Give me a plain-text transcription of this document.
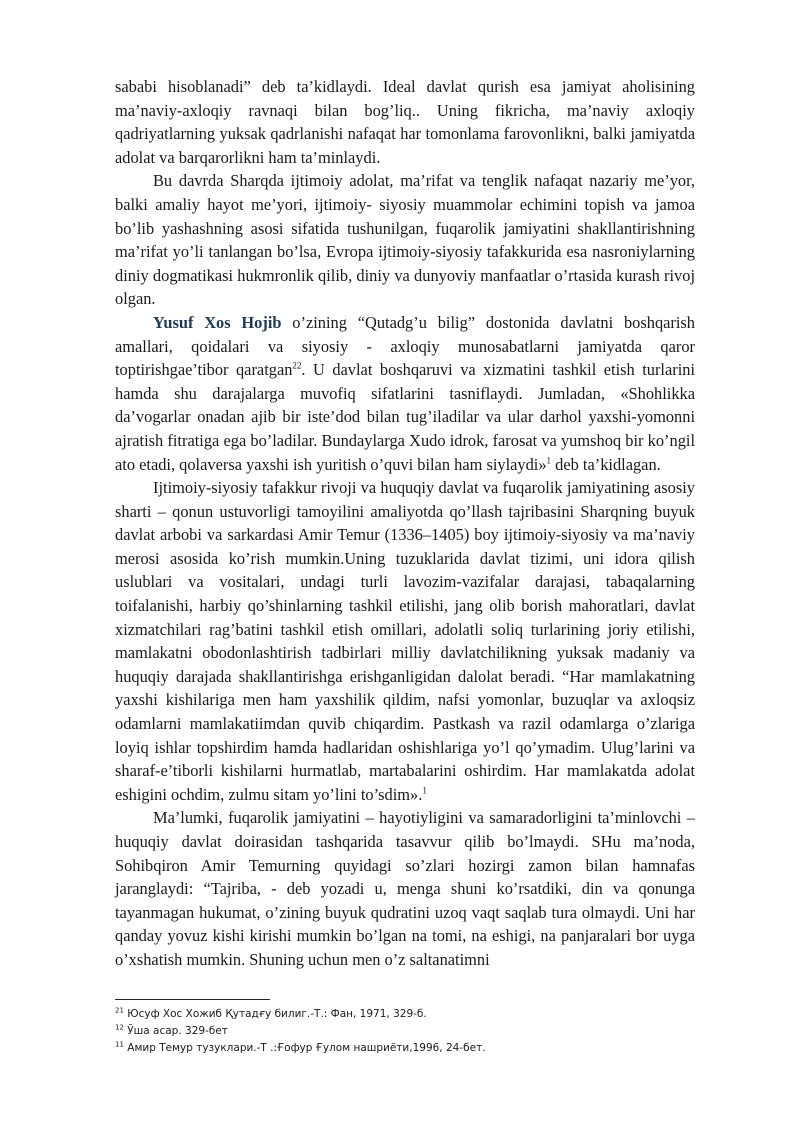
sababi hisoblanadi” deb ta’kidlaydi. Ideal davlat qurish esa jamiyat aholisining ma’naviy-axloqiy ravnaqi bilan bog’liq.. Uning fikricha, ma’naviy axloqiy qadriyatlarning yuksak qadrlanishi nafaqat har tomonlama farovonlikni, balki jamiyatda adolat va barqarorlikni ham ta’minlaydi.

Bu davrda Sharqda ijtimoiy adolat, ma’rifat va tenglik nafaqat nazariy me’yor, balki amaliy hayot me’yori, ijtimoiy- siyosiy muammolar echimini topish va jamoa bo’lib yashashning asosi sifatida tushunilgan, fuqarolik jamiyatini shakllantirishning ma’rifat yo’li tanlangan bo’lsa, Evropa ijtimoiy-siyosiy tafakkurida esa nasroniylarning diniy dogmatikasi hukmronlik qilib, diniy va dunyoviy manfaatlar o’rtasida kurash rivoj olgan.

Yusuf Xos Hojib o’zining “Qutadg’u bilig” dostonida davlatni boshqarish amallari, qoidalari va siyosiy - axloqiy munosabatlarni jamiyatda qaror toptirishgae’tibor qaratgan$^{22}$. U davlat boshqaruvi va xizmatini tashkil etish turlarini hamda shu darajalarga muvofiq sifatlarini tasniflaydi. Jumladan, «Shohlikka da’vogarlar onadan ajib bir iste’dod bilan tug’iladilar va ular darhol yaxshi-yomonni ajratish fitratiga ega bo’ladilar. Bundaylarga Xudo idrok, farosat va yumshoq bir ko’ngil ato etadi, qolaversa yaxshi ish yuritish o’quvi bilan ham siylaydi»$^1$ deb ta’kidlagan.

Ijtimoiy-siyosiy tafakkur rivoji va huquqiy davlat va fuqarolik jamiyatining asosiy sharti – qonun ustuvorligi tamoyilini amaliyotda qo’llash tajribasini Sharqning buyuk davlat arbobi va sarkardasi Amir Temur (1336–1405) boy ijtimoiy-siyosiy va ma’naviy merosi asosida ko’rish mumkin.Uning tuzuklarida davlat tizimi, uni idora qilish uslublari va vositalari, undagi turli lavozim-vazifalar darajasi, tabaqalarning toifalanishi, harbiy qo’shinlarning tashkil etilishi, jang olib borish mahoratlari, davlat xizmatchilari rag’batini tashkil etish omillari, adolatli soliq turlarining joriy etilishi, mamlakatni obodonlashtirish tadbirlari milliy davlatchilikning yuksak madaniy va huquqiy darajada shakllantirishga erishganligidan dalolat beradi. “Har mamlakatning yaxshi kishilariga men ham yaxshilik qildim, nafsi yomonlar, buzuqlar va axloqsiz odamlarni mamlakatiimdan quvib chiqardim. Pastkash va razil odamlarga o’zlariga loyiq ishlar topshirdim hamda hadlaridan oshishlariga yo’l qo’ymadim. Ulug’larini va sharaf-e’tiborli kishilarni hurmatlab, martabalarini oshirdim. Har mamlakatda adolat eshigini ochdim, zulmu sitam yo’lini to’sdim».$^1$

Ma’lumki, fuqarolik jamiyatini – hayotiyligini va samaradorligini ta’minlovchi – huquqiy davlat doirasidan tashqarida tasavvur qilib bo’lmaydi. SHu ma’noda, Sohibqiron Amir Temurning quyidagi so’zlari hozirgi zamon bilan hamnafas jaranglaydi: “Tajriba, - deb yozadi u, menga shuni ko’rsatdiki, din va qonunga tayanmagan hukumat, o’zining buyuk qudratini uzoq vaqt saqlab tura olmaydi. Uni har qanday yovuz kishi kirishi mumkin bo’lgan na tomi, na eshigi, na panjaralari bor uyga o’xshatish mumkin. Shuning uchun men o’z saltanatimni

$^{21}$ Юсуф Хос Хожиб Қутадғу билиг.-Т.: Фан, 1971, 329-б.
$^{12}$ Ўша асар. 329-бет
$^{11}$ Амир Темур тузуклари.-Т .:Ғофур Ғулом нашриёти,1996, 24-бет.
